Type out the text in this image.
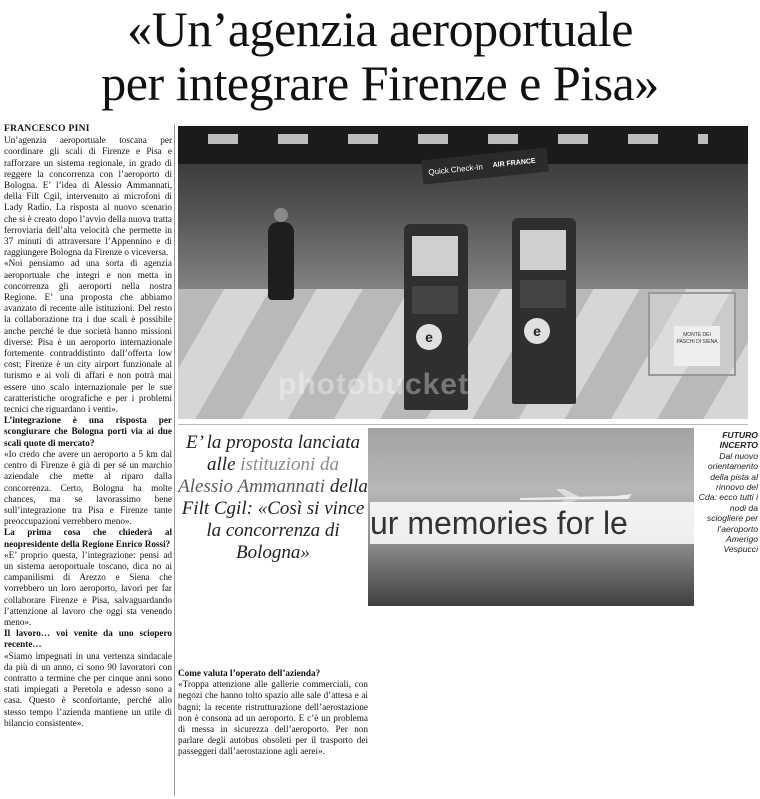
«Un’agenzia aeroportuale
per integrare Firenze e Pisa»

FRANCESCO PINI

Un’agenzia aeroportuale toscana per coordinare gli scali di Firenze e Pisa e rafforzare un sistema regionale, in grado di reggere la concorrenza con l’aeroporto di Bologna. E’ l’idea di Alessio Ammannati, della Filt Cgil, intervenuto ai microfoni di Lady Radio. La risposta al nuovo scenario che si è creato dopo l’avvio della nuova tratta ferroviaria dell’alta velocità che permette in 37 minuti di attraversare l’Appennino e di raggiungere Bologna da Firenze o viceversa.

«Noi pensiamo ad una sorta di agenzia aeroportuale che integri e non metta in concorrenza gli aeroporti nella nostra Regione. E’ una proposta che abbiamo avanzato di recente alle istituzioni. Del resto la collaborazione tra i due scali è possibile anche perché le due società hanno missioni diverse: Pisa è un aeroporto internazionale fortemente contraddistinto dall’offerta low cost; Firenze è un city airport funzionale al turismo e ai voli di affari e non potrà mai essere uno scalo internazionale per le sue caratteristiche orografiche e per i problemi tecnici che riguardano i venti».

L’integrazione è una risposta per scongiurare che Bologna porti via ai due scali quote di mercato?

«Io credo che avere un aeroporto a 5 km dal centro di Firenze è già di per sé un marchio aziendale che mette al riparo dalla concorrenza. Certo, Bologna ha molte chances, ma se lavorassimo bene sull’integrazione tra Pisa e Firenze tante preoccupazioni verrebbero meno».

La prima cosa che chiederà al neopresidente della Regione Enrico Rossi?

«E’ proprio questa, l’integrazione: pensi ad un sistema aeroportuale toscano, dica no ai campanilismi di Arezzo e Siena che vorrebbero un loro aeroporto, lavori per far collaborare Firenze e Pisa, salvaguardando l’attenzione al lavoro che oggi sta venendo meno».

Il lavoro… voi venite da uno sciopero recente…

«Siamo impegnati in una vertenza sindacale da più di un anno, ci sono 90 lavoratori con contratto a termine che per cinque anni sono stati impiegati a Peretola e adesso sono a casa. Questo è sconfortante, perché allo stesso tempo l’azienda mantiene un utile di bilancio consistente».

Quick Check-In AIR FRANCE
e	e	MONTE DEI PASCHI DI SIENA
photobucket
E’ la proposta lanciata alle istituzioni da Alessio Ammannati della Filt Cgil: «Così si vince la concorrenza di Bologna»
ur memories for le
FUTURO INCERTO
Dal nuovo orientamento della pista al rinnovo del Cda: ecco tutti i nodi da sciogliere per l’aeroporto Amerigo Vespucci

Come valuta l’operato dell’azienda?

«Troppa attenzione alle gallerie commerciali, con negozi che hanno tolto spazio alle sale d’attesa e ai bagni; la recente ristrutturazione dell’aerostazione non è consona ad un aeroporto. E c’è un problema di messa in sicurezza dell’aeroporto. Per non parlare degli autobus obsoleti per il trasporto dei passeggeri dall’aerostazione agli aerei».
